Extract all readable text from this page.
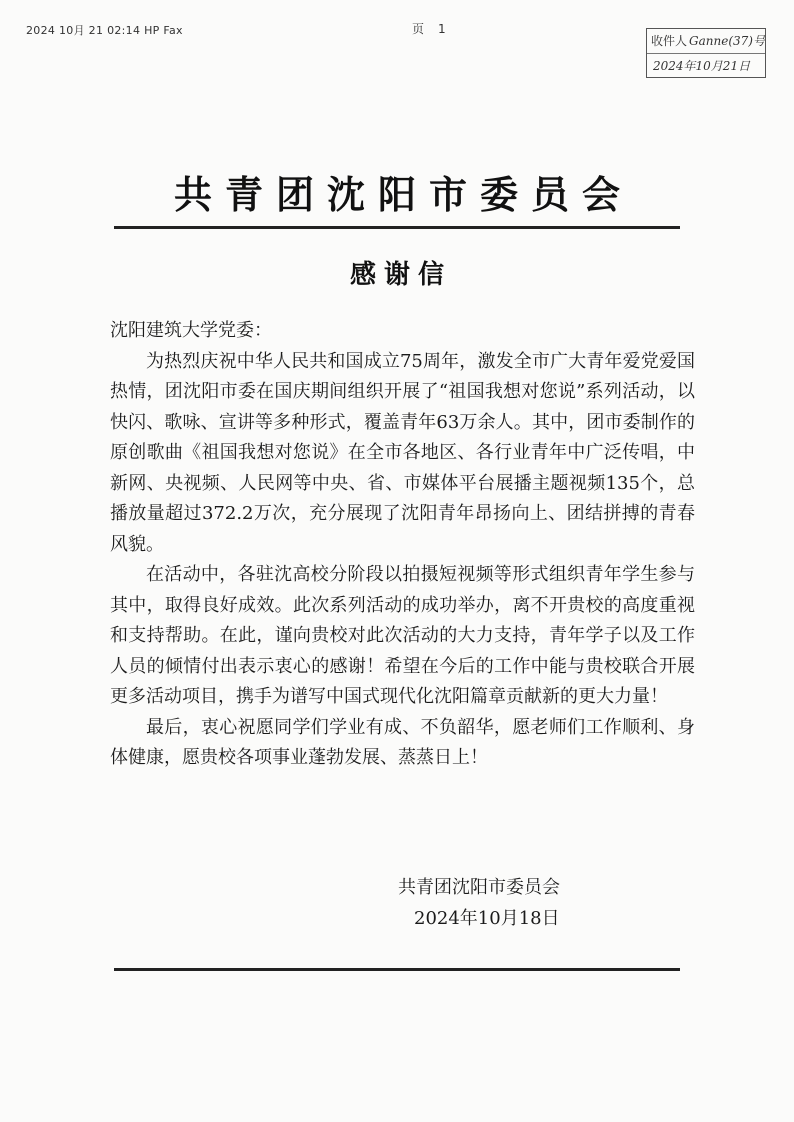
2024 10月 21 02:14 HP Fax	页 1
收件人 Ganne(37)号
2024年10月21日
共青团沈阳市委员会
感谢信

沈阳建筑大学党委：

为热烈庆祝中华人民共和国成立75周年，激发全市广大青年爱党爱国热情，团沈阳市委在国庆期间组织开展了“祖国我想对您说”系列活动，以快闪、歌咏、宣讲等多种形式，覆盖青年63万余人。其中，团市委制作的原创歌曲《祖国我想对您说》在全市各地区、各行业青年中广泛传唱，中新网、央视频、人民网等中央、省、市媒体平台展播主题视频135个，总播放量超过372.2万次，充分展现了沈阳青年昂扬向上、团结拼搏的青春风貌。

在活动中，各驻沈高校分阶段以拍摄短视频等形式组织青年学生参与其中，取得良好成效。此次系列活动的成功举办，离不开贵校的高度重视和支持帮助。在此，谨向贵校对此次活动的大力支持，青年学子以及工作人员的倾情付出表示衷心的感谢！希望在今后的工作中能与贵校联合开展更多活动项目，携手为谱写中国式现代化沈阳篇章贡献新的更大力量！

最后，衷心祝愿同学们学业有成、不负韶华，愿老师们工作顺利、身体健康，愿贵校各项事业蓬勃发展、蒸蒸日上！

共青团沈阳市委员会
2024年10月18日
